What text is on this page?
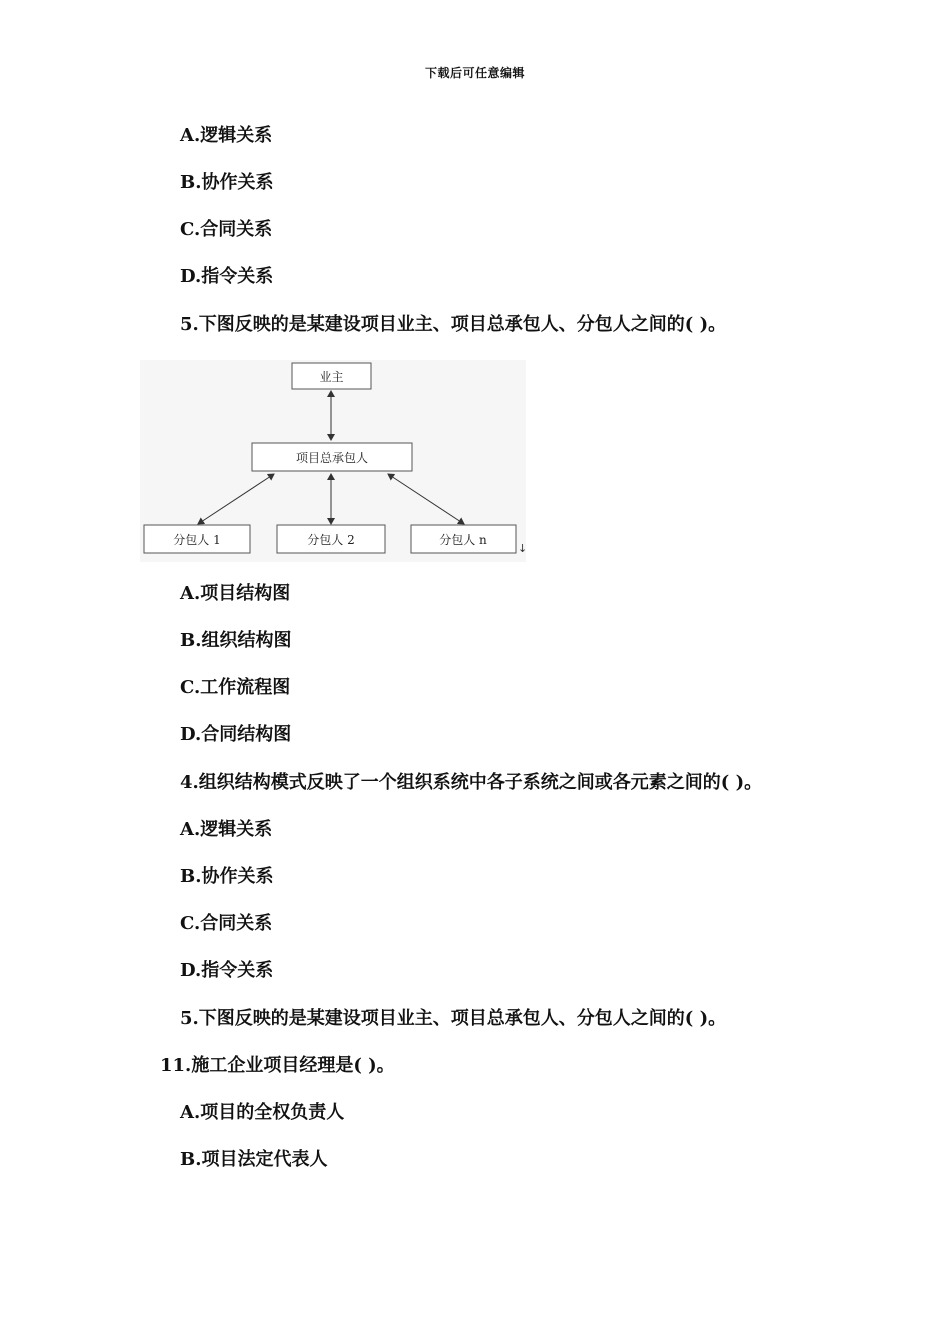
下载后可任意编辑
A.逻辑关系
B.协作关系
C.合同关系
D.指令关系
5.下图反映的是某建设项目业主、项目总承包人、分包人之间的( )。
业主
项目总承包人
分包人 1	分包人 2	分包人 n
↓
A.项目结构图
B.组织结构图
C.工作流程图
D.合同结构图
4.组织结构模式反映了一个组织系统中各子系统之间或各元素之间的( )。
A.逻辑关系
B.协作关系
C.合同关系
D.指令关系
5.下图反映的是某建设项目业主、项目总承包人、分包人之间的( )。
11.施工企业项目经理是( )。
A.项目的全权负责人
B.项目法定代表人
